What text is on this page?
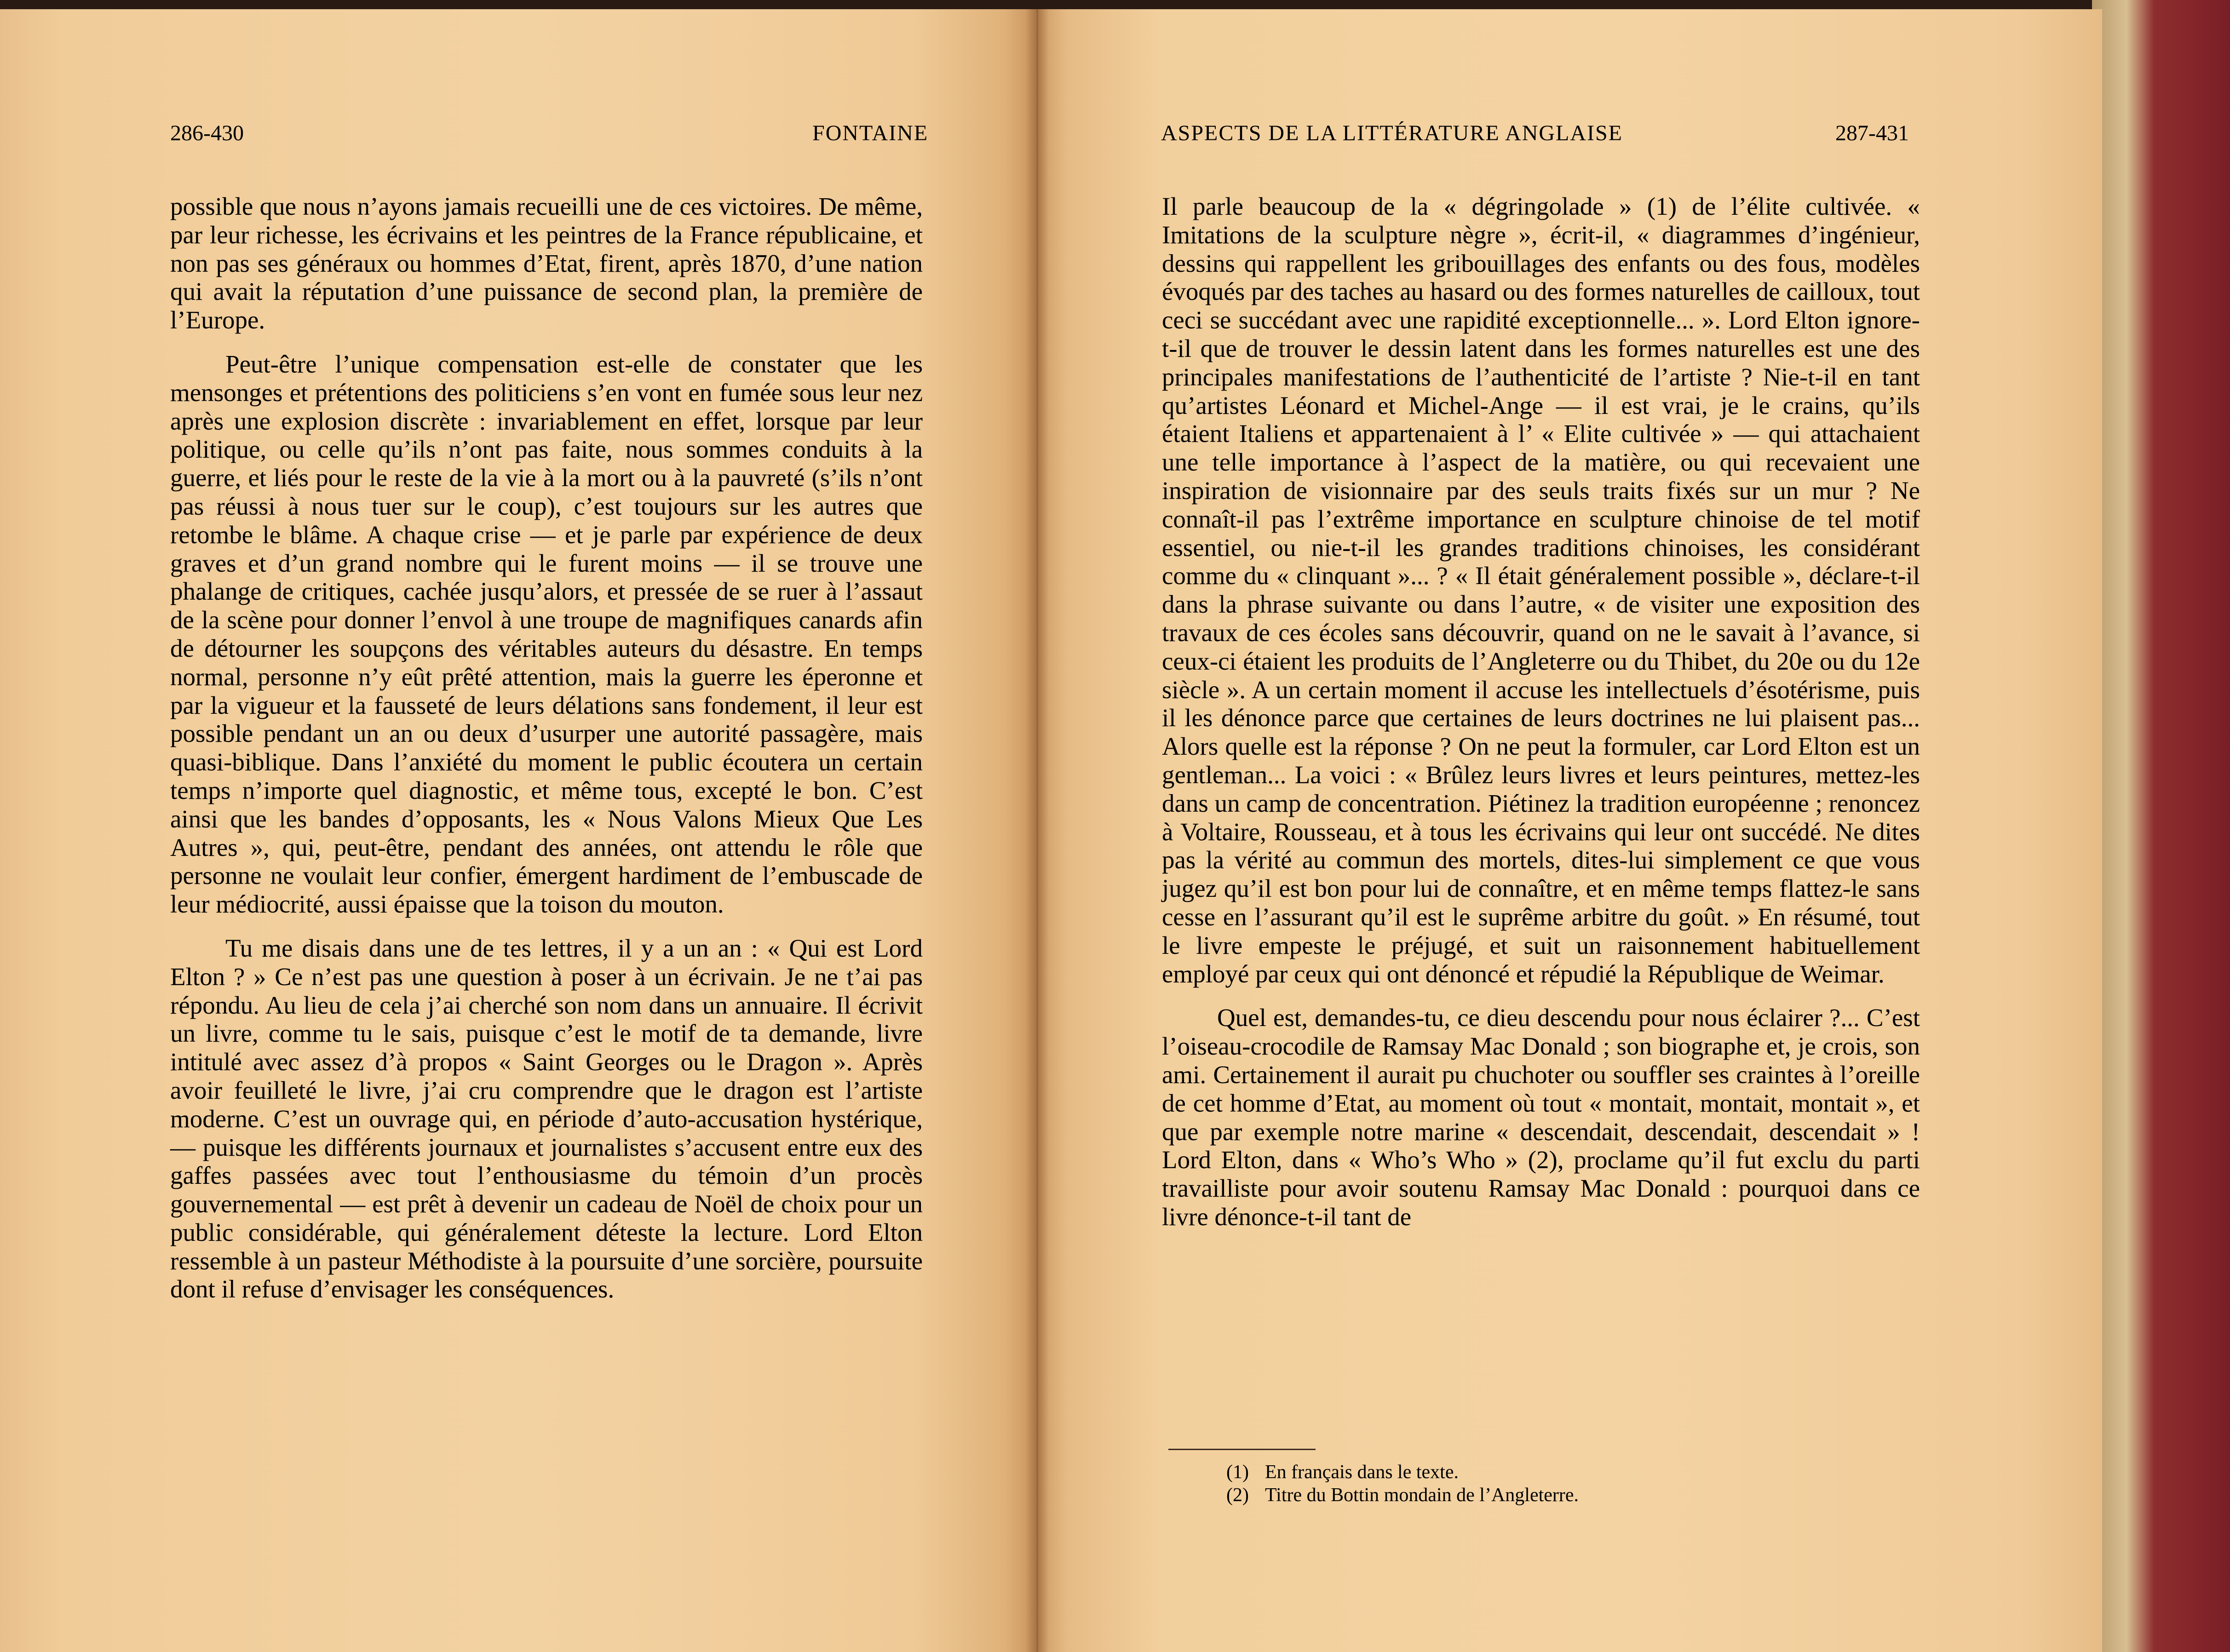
286-430	FONTAINE

possible que nous n’ayons jamais recueilli une de ces victoires. De même, par leur richesse, les écrivains et les peintres de la France républicaine, et non pas ses généraux ou hommes d’Etat, firent, après 1870, d’une nation qui avait la réputation d’une puissance de second plan, la première de l’Europe.

Peut-être l’unique compensation est-elle de constater que les mensonges et prétentions des politiciens s’en vont en fumée sous leur nez après une explosion discrète : invariablement en effet, lorsque par leur politique, ou celle qu’ils n’ont pas faite, nous sommes conduits à la guerre, et liés pour le reste de la vie à la mort ou à la pauvreté (s’ils n’ont pas réussi à nous tuer sur le coup), c’est toujours sur les autres que retombe le blâme. A chaque crise — et je parle par expérience de deux graves et d’un grand nombre qui le furent moins — il se trouve une phalange de critiques, cachée jusqu’alors, et pressée de se ruer à l’assaut de la scène pour donner l’envol à une troupe de magnifiques canards afin de détourner les soupçons des véritables auteurs du désastre. En temps normal, personne n’y eût prêté attention, mais la guerre les éperonne et par la vigueur et la fausseté de leurs délations sans fondement, il leur est possible pendant un an ou deux d’usurper une autorité passagère, mais quasi-biblique. Dans l’anxiété du moment le public écoutera un certain temps n’importe quel diagnostic, et même tous, excepté le bon. C’est ainsi que les bandes d’opposants, les « Nous Valons Mieux Que Les Autres », qui, peut-être, pendant des années, ont attendu le rôle que personne ne voulait leur confier, émergent hardiment de l’embuscade de leur médiocrité, aussi épaisse que la toison du mouton.

Tu me disais dans une de tes lettres, il y a un an : « Qui est Lord Elton ? » Ce n’est pas une question à poser à un écrivain. Je ne t’ai pas répondu. Au lieu de cela j’ai cherché son nom dans un annuaire. Il écrivit un livre, comme tu le sais, puisque c’est le motif de ta demande, livre intitulé avec assez d’à propos « Saint Georges ou le Dragon ». Après avoir feuilleté le livre, j’ai cru comprendre que le dragon est l’artiste moderne. C’est un ouvrage qui, en période d’auto-accusation hystérique, — puisque les différents journaux et journalistes s’accusent entre eux des gaffes passées avec tout l’enthousiasme du témoin d’un procès gouvernemental — est prêt à devenir un cadeau de Noël de choix pour un public considérable, qui généralement déteste la lecture. Lord Elton ressemble à un pasteur Méthodiste à la poursuite d’une sorcière, poursuite dont il refuse d’envisager les conséquences.

ASPECTS DE LA LITTÉRATURE ANGLAISE	287-431

Il parle beaucoup de la « dégringolade » (1) de l’élite cultivée. « Imitations de la sculpture nègre », écrit-il, « diagrammes d’ingénieur, dessins qui rappellent les gribouillages des enfants ou des fous, modèles évoqués par des taches au hasard ou des formes naturelles de cailloux, tout ceci se succédant avec une rapidité exceptionnelle... ». Lord Elton ignore-t-il que de trouver le dessin latent dans les formes naturelles est une des principales manifestations de l’authenticité de l’artiste ? Nie-t-il en tant qu’artistes Léonard et Michel-Ange — il est vrai, je le crains, qu’ils étaient Italiens et appartenaient à l’ « Elite cultivée » — qui attachaient une telle importance à l’aspect de la matière, ou qui recevaient une inspiration de visionnaire par des seuls traits fixés sur un mur ? Ne connaît-il pas l’extrême importance en sculpture chinoise de tel motif essentiel, ou nie-t-il les grandes traditions chinoises, les considérant comme du « clinquant »... ? « Il était généralement possible », déclare-t-il dans la phrase suivante ou dans l’autre, « de visiter une exposition des travaux de ces écoles sans découvrir, quand on ne le savait à l’avance, si ceux-ci étaient les produits de l’Angleterre ou du Thibet, du 20e ou du 12e siècle ». A un certain moment il accuse les intellectuels d’ésotérisme, puis il les dénonce parce que certaines de leurs doctrines ne lui plaisent pas... Alors quelle est la réponse ? On ne peut la formuler, car Lord Elton est un gentleman... La voici : « Brûlez leurs livres et leurs peintures, mettez-les dans un camp de concentration. Piétinez la tradition européenne ; renoncez à Voltaire, Rousseau, et à tous les écrivains qui leur ont succédé. Ne dites pas la vérité au commun des mortels, dites-lui simplement ce que vous jugez qu’il est bon pour lui de connaître, et en même temps flattez-le sans cesse en l’assurant qu’il est le suprême arbitre du goût. » En résumé, tout le livre empeste le préjugé, et suit un raisonnement habituellement employé par ceux qui ont dénoncé et répudié la République de Weimar.

Quel est, demandes-tu, ce dieu descendu pour nous éclairer ?... C’est l’oiseau-crocodile de Ramsay Mac Donald ; son biographe et, je crois, son ami. Certainement il aurait pu chuchoter ou souffler ses craintes à l’oreille de cet homme d’Etat, au moment où tout « montait, montait, montait », et que par exemple notre marine « descendait, descendait, descendait » ! Lord Elton, dans « Who’s Who » (2), proclame qu’il fut exclu du parti travailliste pour avoir soutenu Ramsay Mac Donald : pourquoi dans ce livre dénonce-t-il tant de

(1) En français dans le texte.
(2) Titre du Bottin mondain de l’Angleterre.
